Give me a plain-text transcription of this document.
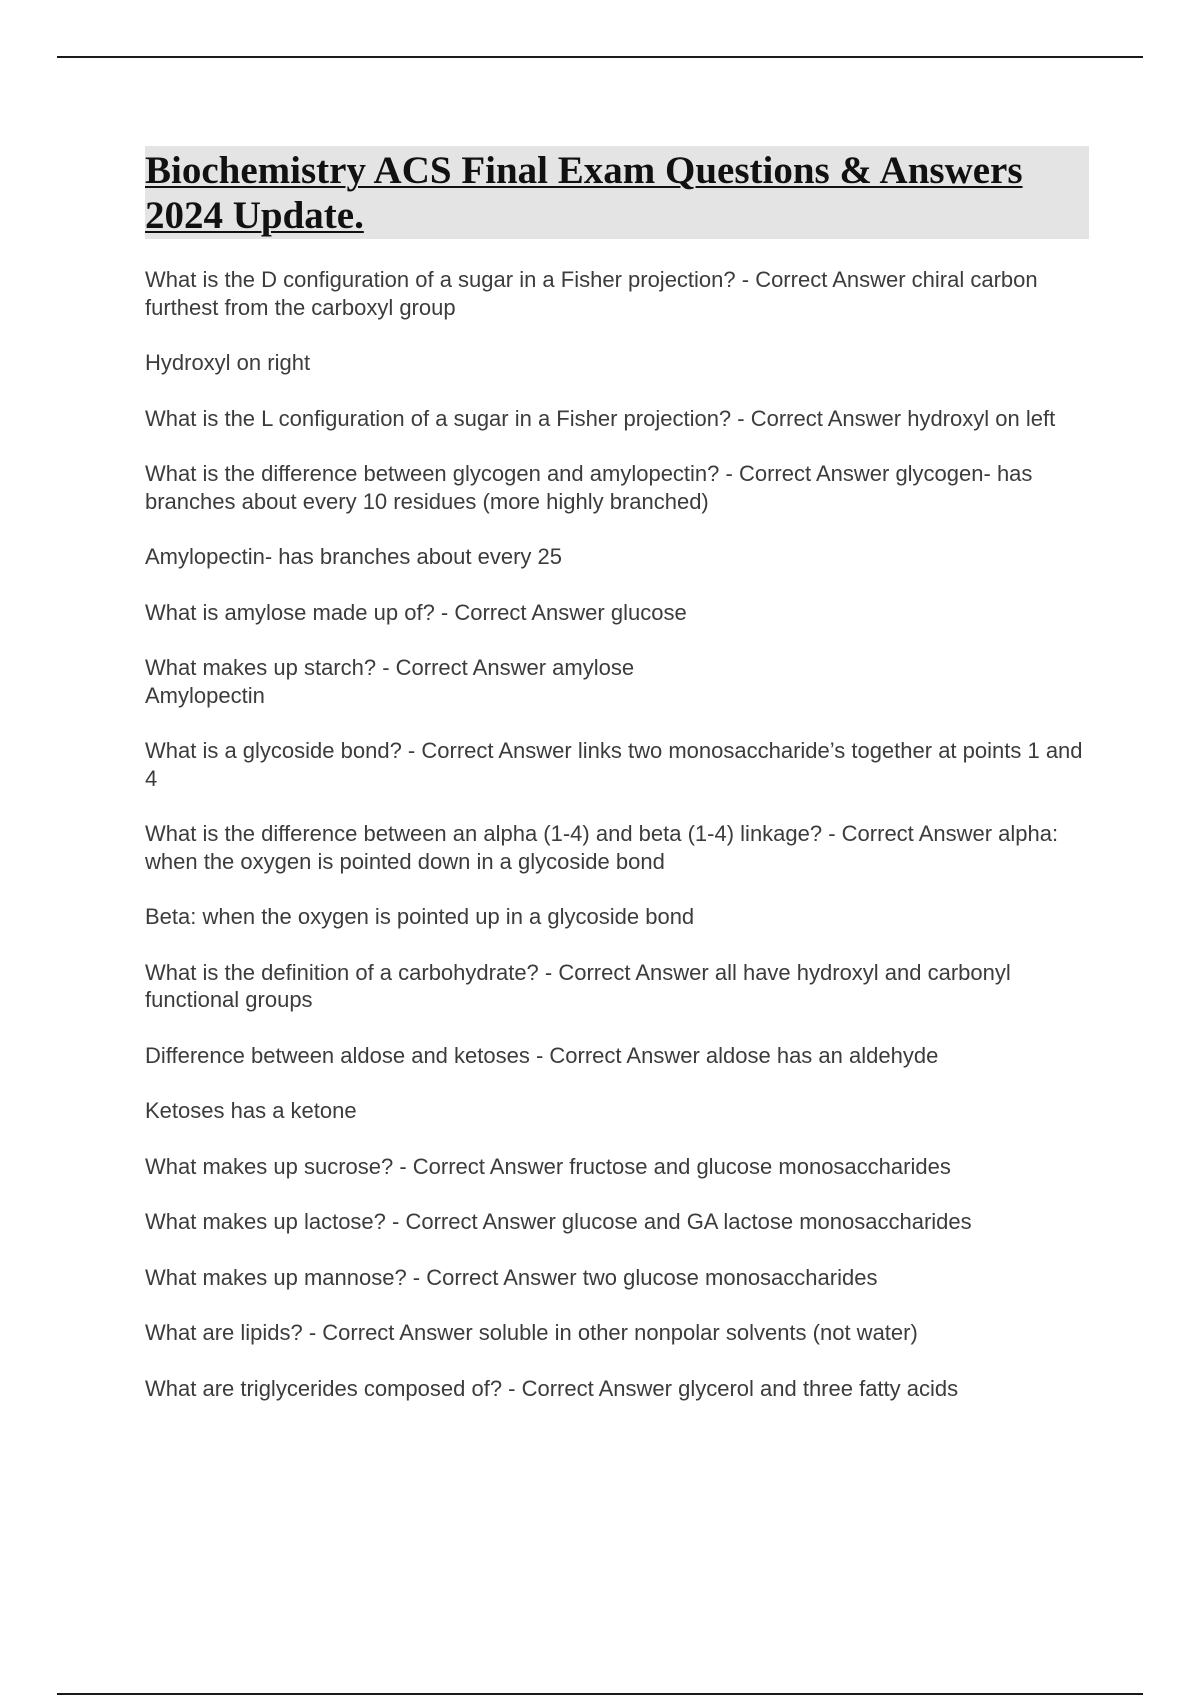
Biochemistry ACS Final Exam Questions & Answers 2024 Update.

What is the D configuration of a sugar in a Fisher projection? - Correct Answer chiral carbon furthest from the carboxyl group

Hydroxyl on right

What is the L configuration of a sugar in a Fisher projection? - Correct Answer hydroxyl on left

What is the difference between glycogen and amylopectin? - Correct Answer glycogen- has branches about every 10 residues (more highly branched)

Amylopectin- has branches about every 25

What is amylose made up of? - Correct Answer glucose

What makes up starch? - Correct Answer amylose
Amylopectin

What is a glycoside bond? - Correct Answer links two monosaccharide’s together at points 1 and 4

What is the difference between an alpha (1-4) and beta (1-4) linkage? - Correct Answer alpha: when the oxygen is pointed down in a glycoside bond

Beta: when the oxygen is pointed up in a glycoside bond

What is the definition of a carbohydrate? - Correct Answer all have hydroxyl and carbonyl functional groups

Difference between aldose and ketoses - Correct Answer aldose has an aldehyde

Ketoses has a ketone

What makes up sucrose? - Correct Answer fructose and glucose monosaccharides

What makes up lactose? - Correct Answer glucose and GA lactose monosaccharides

What makes up mannose? - Correct Answer two glucose monosaccharides

What are lipids? - Correct Answer soluble in other nonpolar solvents (not water)

What are triglycerides composed of? - Correct Answer glycerol and three fatty acids
